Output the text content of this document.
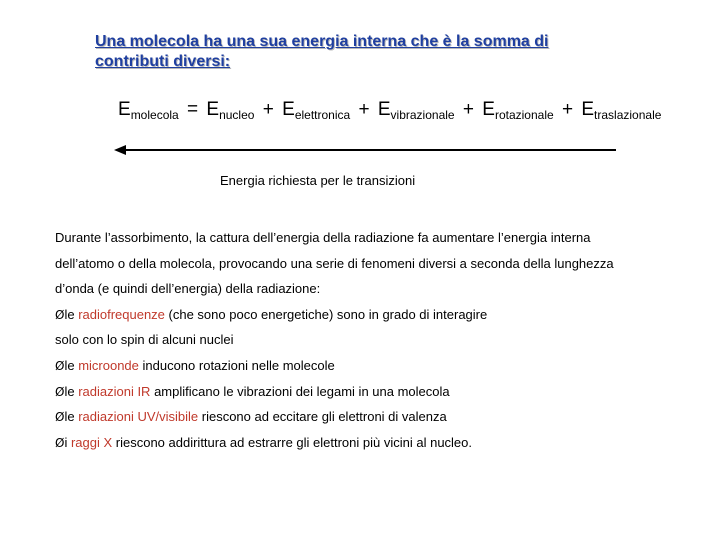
Una molecola ha una sua energia interna che è la somma di
contributi diversi:
$E_{molecola} = E_{nucleo} + E_{elettronica} + E_{vibrazionale} + E_{rotazionale} + E_{traslazionale}$
Energia richiesta per le transizioni
Durante l’assorbimento, la cattura dell’energia della radiazione fa aumentare l’energia interna
dell’atomo o della molecola, provocando una serie di fenomeni diversi a seconda della lunghezza
d’onda (e quindi dell’energia) della radiazione:
Øle radiofrequenze (che sono poco energetiche) sono in grado di interagire
solo con lo spin di alcuni nuclei
Øle microonde inducono rotazioni nelle molecole
Øle radiazioni IR amplificano le vibrazioni dei legami in una molecola
Øle radiazioni UV/visibile riescono ad eccitare gli elettroni di valenza
Øi raggi X riescono addirittura ad estrarre gli elettroni più vicini al nucleo.
